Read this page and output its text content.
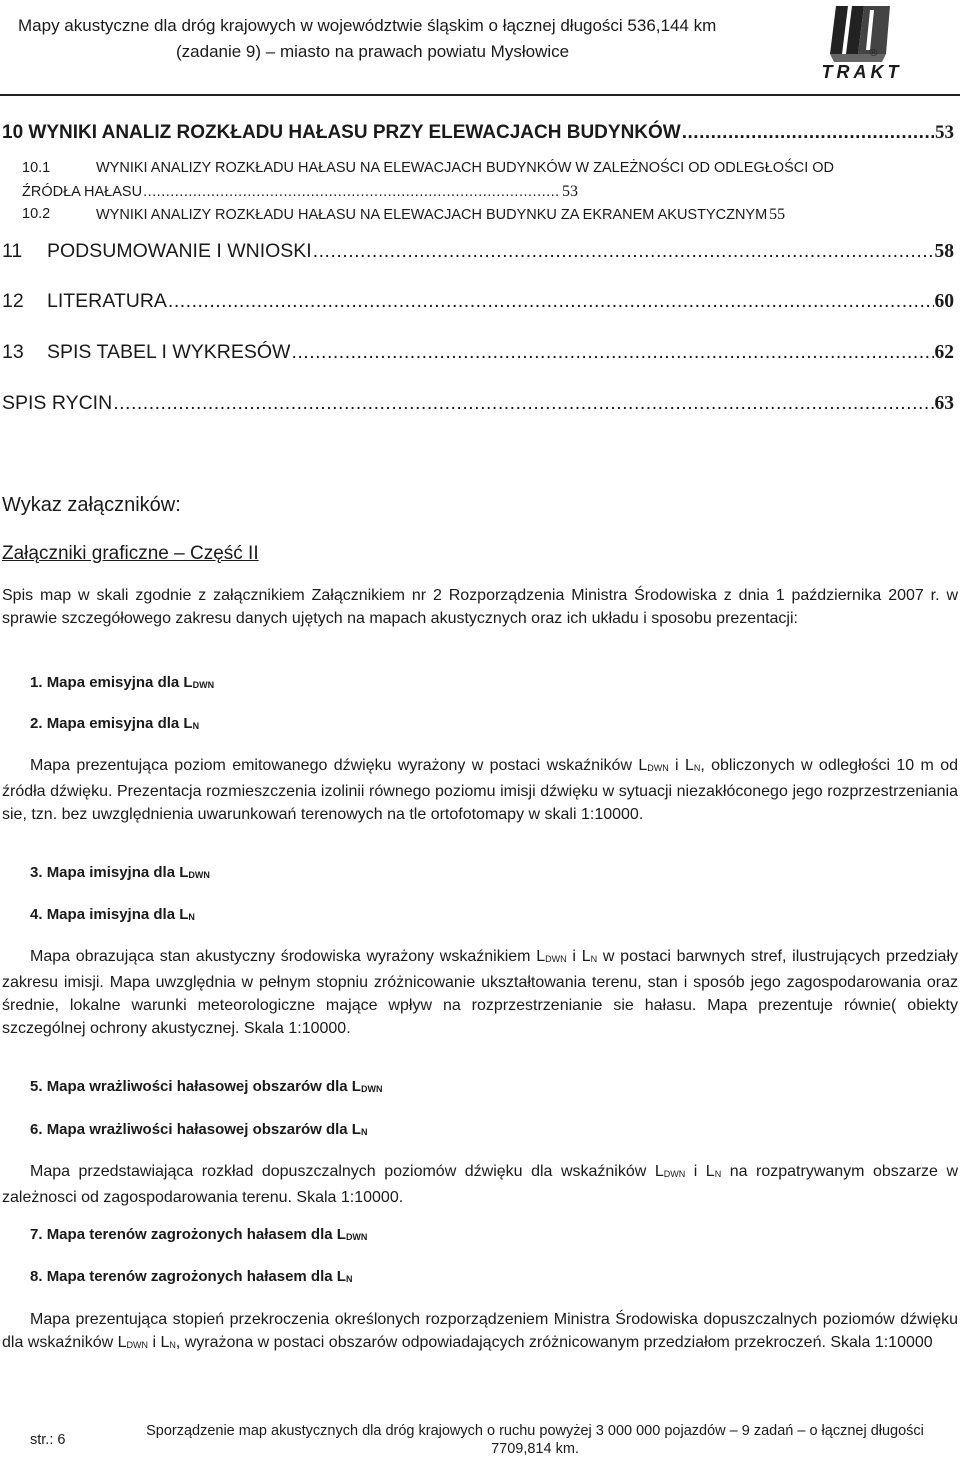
Mapy akustyczne dla dróg krajowych w województwie śląskim o łącznej długości 536,144 km
(zadanie 9) – miasto na prawach powiatu Mysłowice	®
TRAKT
10 WYNIKI ANALIZ ROZKŁADU HAŁASU PRZY ELEWACJACH BUDYNKÓW .....	53
10.1	WYNIKI ANALIZY ROZKŁADU HAŁASU NA ELEWACJACH BUDYNKÓW W ZALEŻNOŚCI OD ODLEGŁOŚCI OD
ŹRÓDŁA HAŁASU .....	53
10.2	WYNIKI ANALIZY ROZKŁADU HAŁASU NA ELEWACJACH BUDYNKU ZA EKRANEM AKUSTYCZNYM 55
11	PODSUMOWANIE I WNIOSKI .....	58
12	LITERATURA .....	60
13	SPIS TABEL I WYKRESÓW .....	62
SPIS RYCIN .....	63
Wykaz załączników:
Załączniki graficzne – Część II
Spis map w skali zgodnie z załącznikiem Załącznikiem nr 2 Rozporządzenia Ministra Środowiska z dnia 1 października 2007 r. w sprawie szczegółowego zakresu danych ujętych na mapach akustycznych oraz ich układu i sposobu prezentacji:
1. Mapa emisyjna dla $L_{DWN}$
2. Mapa emisyjna dla $L_N$
Mapa prezentująca poziom emitowanego dźwięku wyrażony w postaci wskaźników $L_{DWN}$ i $L_N$, obliczonych w odległości 10 m od źródła dźwięku. Prezentacja rozmieszczenia izolinii równego poziomu imisji dźwięku w sytuacji niezakłóconego jego rozprzestrzeniania sie, tzn. bez uwzględnienia uwarunkowań terenowych na tle ortofotomapy w skali 1:10000.
3. Mapa imisyjna dla $L_{DWN}$
4. Mapa imisyjna dla $L_N$
Mapa obrazująca stan akustyczny środowiska wyrażony wskaźnikiem $L_{DWN}$ i $L_N$ w postaci barwnych stref, ilustrujących przedziały zakresu imisji. Mapa uwzględnia w pełnym stopniu zróżnicowanie ukształtowania terenu, stan i sposób jego zagospodarowania oraz średnie, lokalne warunki meteorologiczne mające wpływ na rozprzestrzenianie sie hałasu. Mapa prezentuje równie( obiekty szczególnej ochrony akustycznej. Skala 1:10000.
5. Mapa wrażliwości hałasowej obszarów dla $L_{DWN}$
6. Mapa wrażliwości hałasowej obszarów dla $L_N$
Mapa przedstawiająca rozkład dopuszczalnych poziomów dźwięku dla wskaźników $L_{DWN}$ i $L_N$ na rozpatrywanym obszarze w zależnosci od zagospodarowania terenu. Skala 1:10000.
7. Mapa terenów zagrożonych hałasem dla $L_{DWN}$
8. Mapa terenów zagrożonych hałasem dla $L_N$
Mapa prezentująca stopień przekroczenia określonych rozporządzeniem Ministra Środowiska dopuszczalnych poziomów dźwięku dla wskaźników $L_{DWN}$ i $L_N$, wyrażona w postaci obszarów odpowiadających zróżnicowanym przedziałom przekroczeń. Skala 1:10000
str.: 6
Sporządzenie map akustycznych dla dróg krajowych o ruchu powyżej 3 000 000 pojazdów – 9 zadań – o łącznej długości
7709,814 km.
